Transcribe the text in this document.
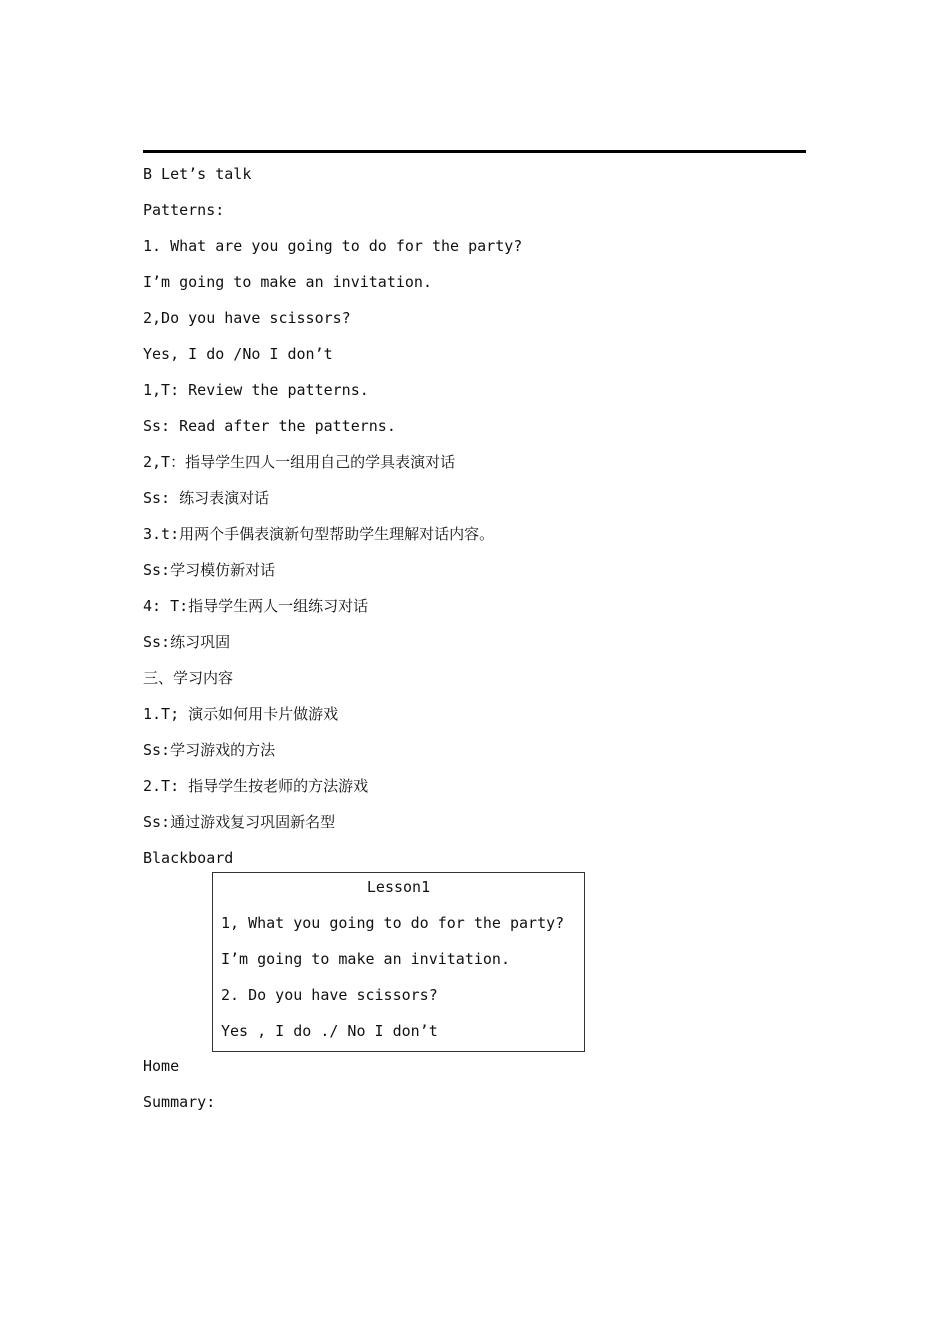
B Let’s talk
Patterns:
1. What are you going to do for the party?
I’m going to make an invitation.
2,Do you have scissors?
Yes, I do /No I don’t
1,T: Review the patterns.
Ss: Read after the patterns.
2,T：指导学生四人一组用自己的学具表演对话
Ss: 练习表演对话
3.t:用两个手偶表演新句型帮助学生理解对话内容。
Ss:学习模仿新对话
4: T:指导学生两人一组练习对话
Ss:练习巩固
三、学习内容
1.T; 演示如何用卡片做游戏
Ss:学习游戏的方法
2.T: 指导学生按老师的方法游戏
Ss:通过游戏复习巩固新名型
Blackboard
Lesson1
1, What you going to do for the party?
I’m going to make an invitation.
2. Do you have scissors?
Yes , I do ./ No I don’t
Home
Summary:
